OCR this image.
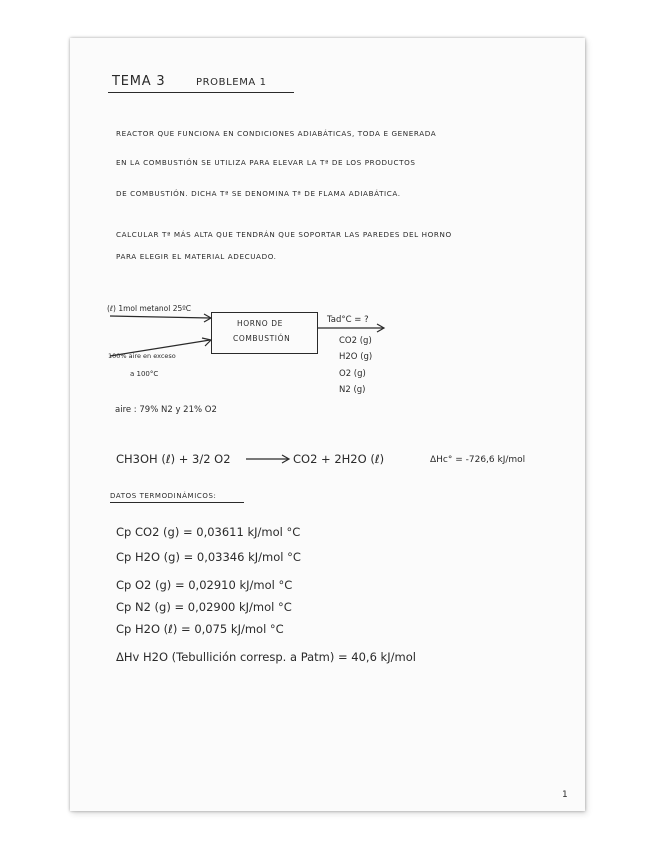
TEMA 3	PROBLEMA 1
REACTOR QUE FUNCIONA EN CONDICIONES ADIABÁTICAS, TODA E GENERADA
EN LA COMBUSTIÓN SE UTILIZA PARA ELEVAR LA Tª DE LOS PRODUCTOS
DE COMBUSTIÓN. DICHA Tª SE DENOMINA Tª DE FLAMA ADIABÁTICA.
CALCULAR Tª MÁS ALTA QUE TENDRÁN QUE SOPORTAR LAS PAREDES DEL HORNO
PARA ELEGIR EL MATERIAL ADECUADO.
(ℓ) 1mol metanol 25ºC
100% aire en exceso
a 100°C
HORNO DE
COMBUSTIÓN
Tad°C = ?
CO2 (g)
H2O (g)
O2 (g)
N2 (g)
aire : 79% N2 y 21% O2
CH3OH (ℓ) + 3/2 O2 → CO2 + 2H2O (ℓ)	ΔHc° = -726,6 kJ/mol
DATOS TERMODINÁMICOS:
Cp CO2 (g) = 0,03611 kJ/mol °C
Cp H2O (g) = 0,03346 kJ/mol °C
Cp O2 (g) = 0,02910 kJ/mol °C
Cp N2 (g) = 0,02900 kJ/mol °C
Cp H2O (ℓ) = 0,075 kJ/mol °C
ΔHv H2O (Tebullición corresp. a Patm) = 40,6 kJ/mol
1
